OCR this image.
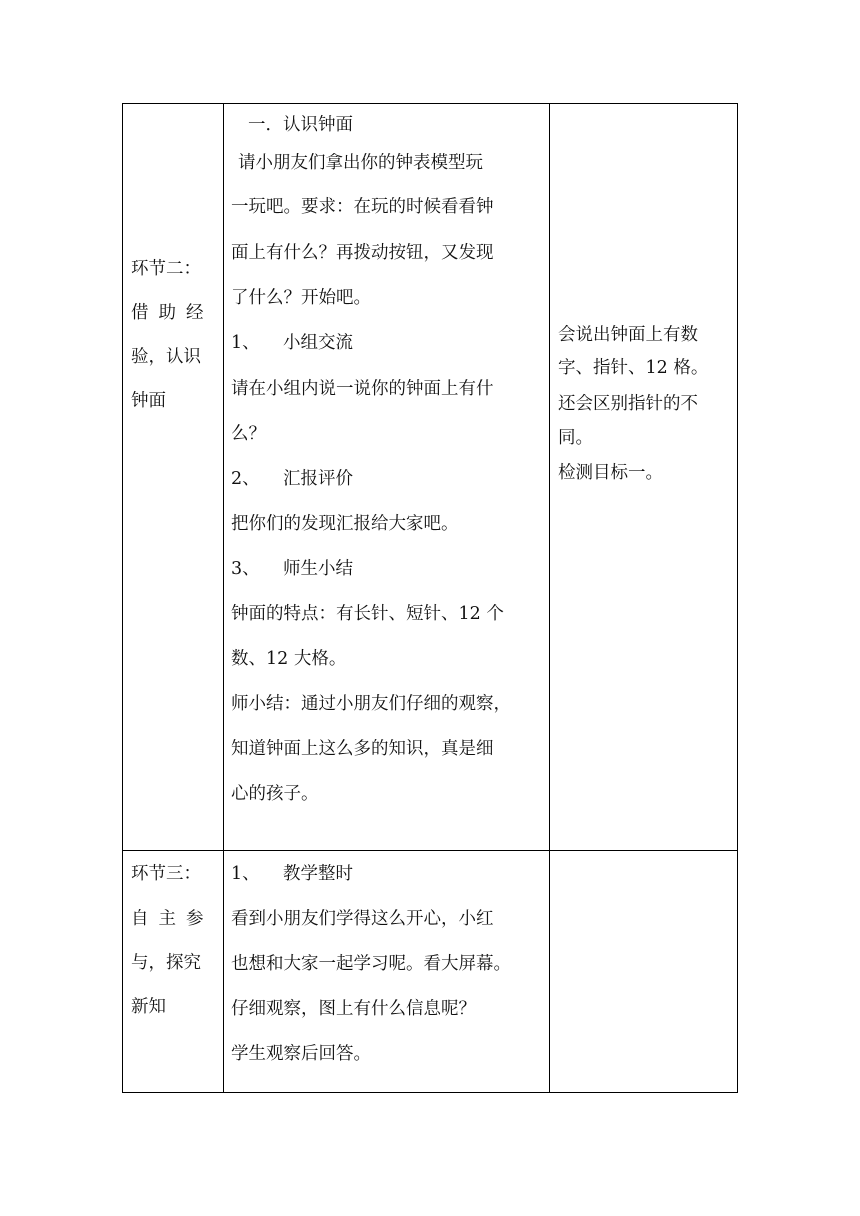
环节二：
借助经
验，认识
钟面
一．认识钟面
请小朋友们拿出你的钟表模型玩
一玩吧。要求：在玩的时候看看钟
面上有什么？再拨动按钮，又发现
了什么？开始吧。
1、 小组交流
请在小组内说一说你的钟面上有什
么？
2、 汇报评价
把你们的发现汇报给大家吧。
3、 师生小结
钟面的特点：有长针、短针、12 个
数、12 大格。
师小结：通过小朋友们仔细的观察，
知道钟面上这么多的知识，真是细
心的孩子。
会说出钟面上有数
字、指针、12 格。
还会区别指针的不
同。
检测目标一。
环节三：
自主参
与，探究
新知
1、 教学整时
看到小朋友们学得这么开心，小红
也想和大家一起学习呢。看大屏幕。
仔细观察，图上有什么信息呢？
学生观察后回答。
